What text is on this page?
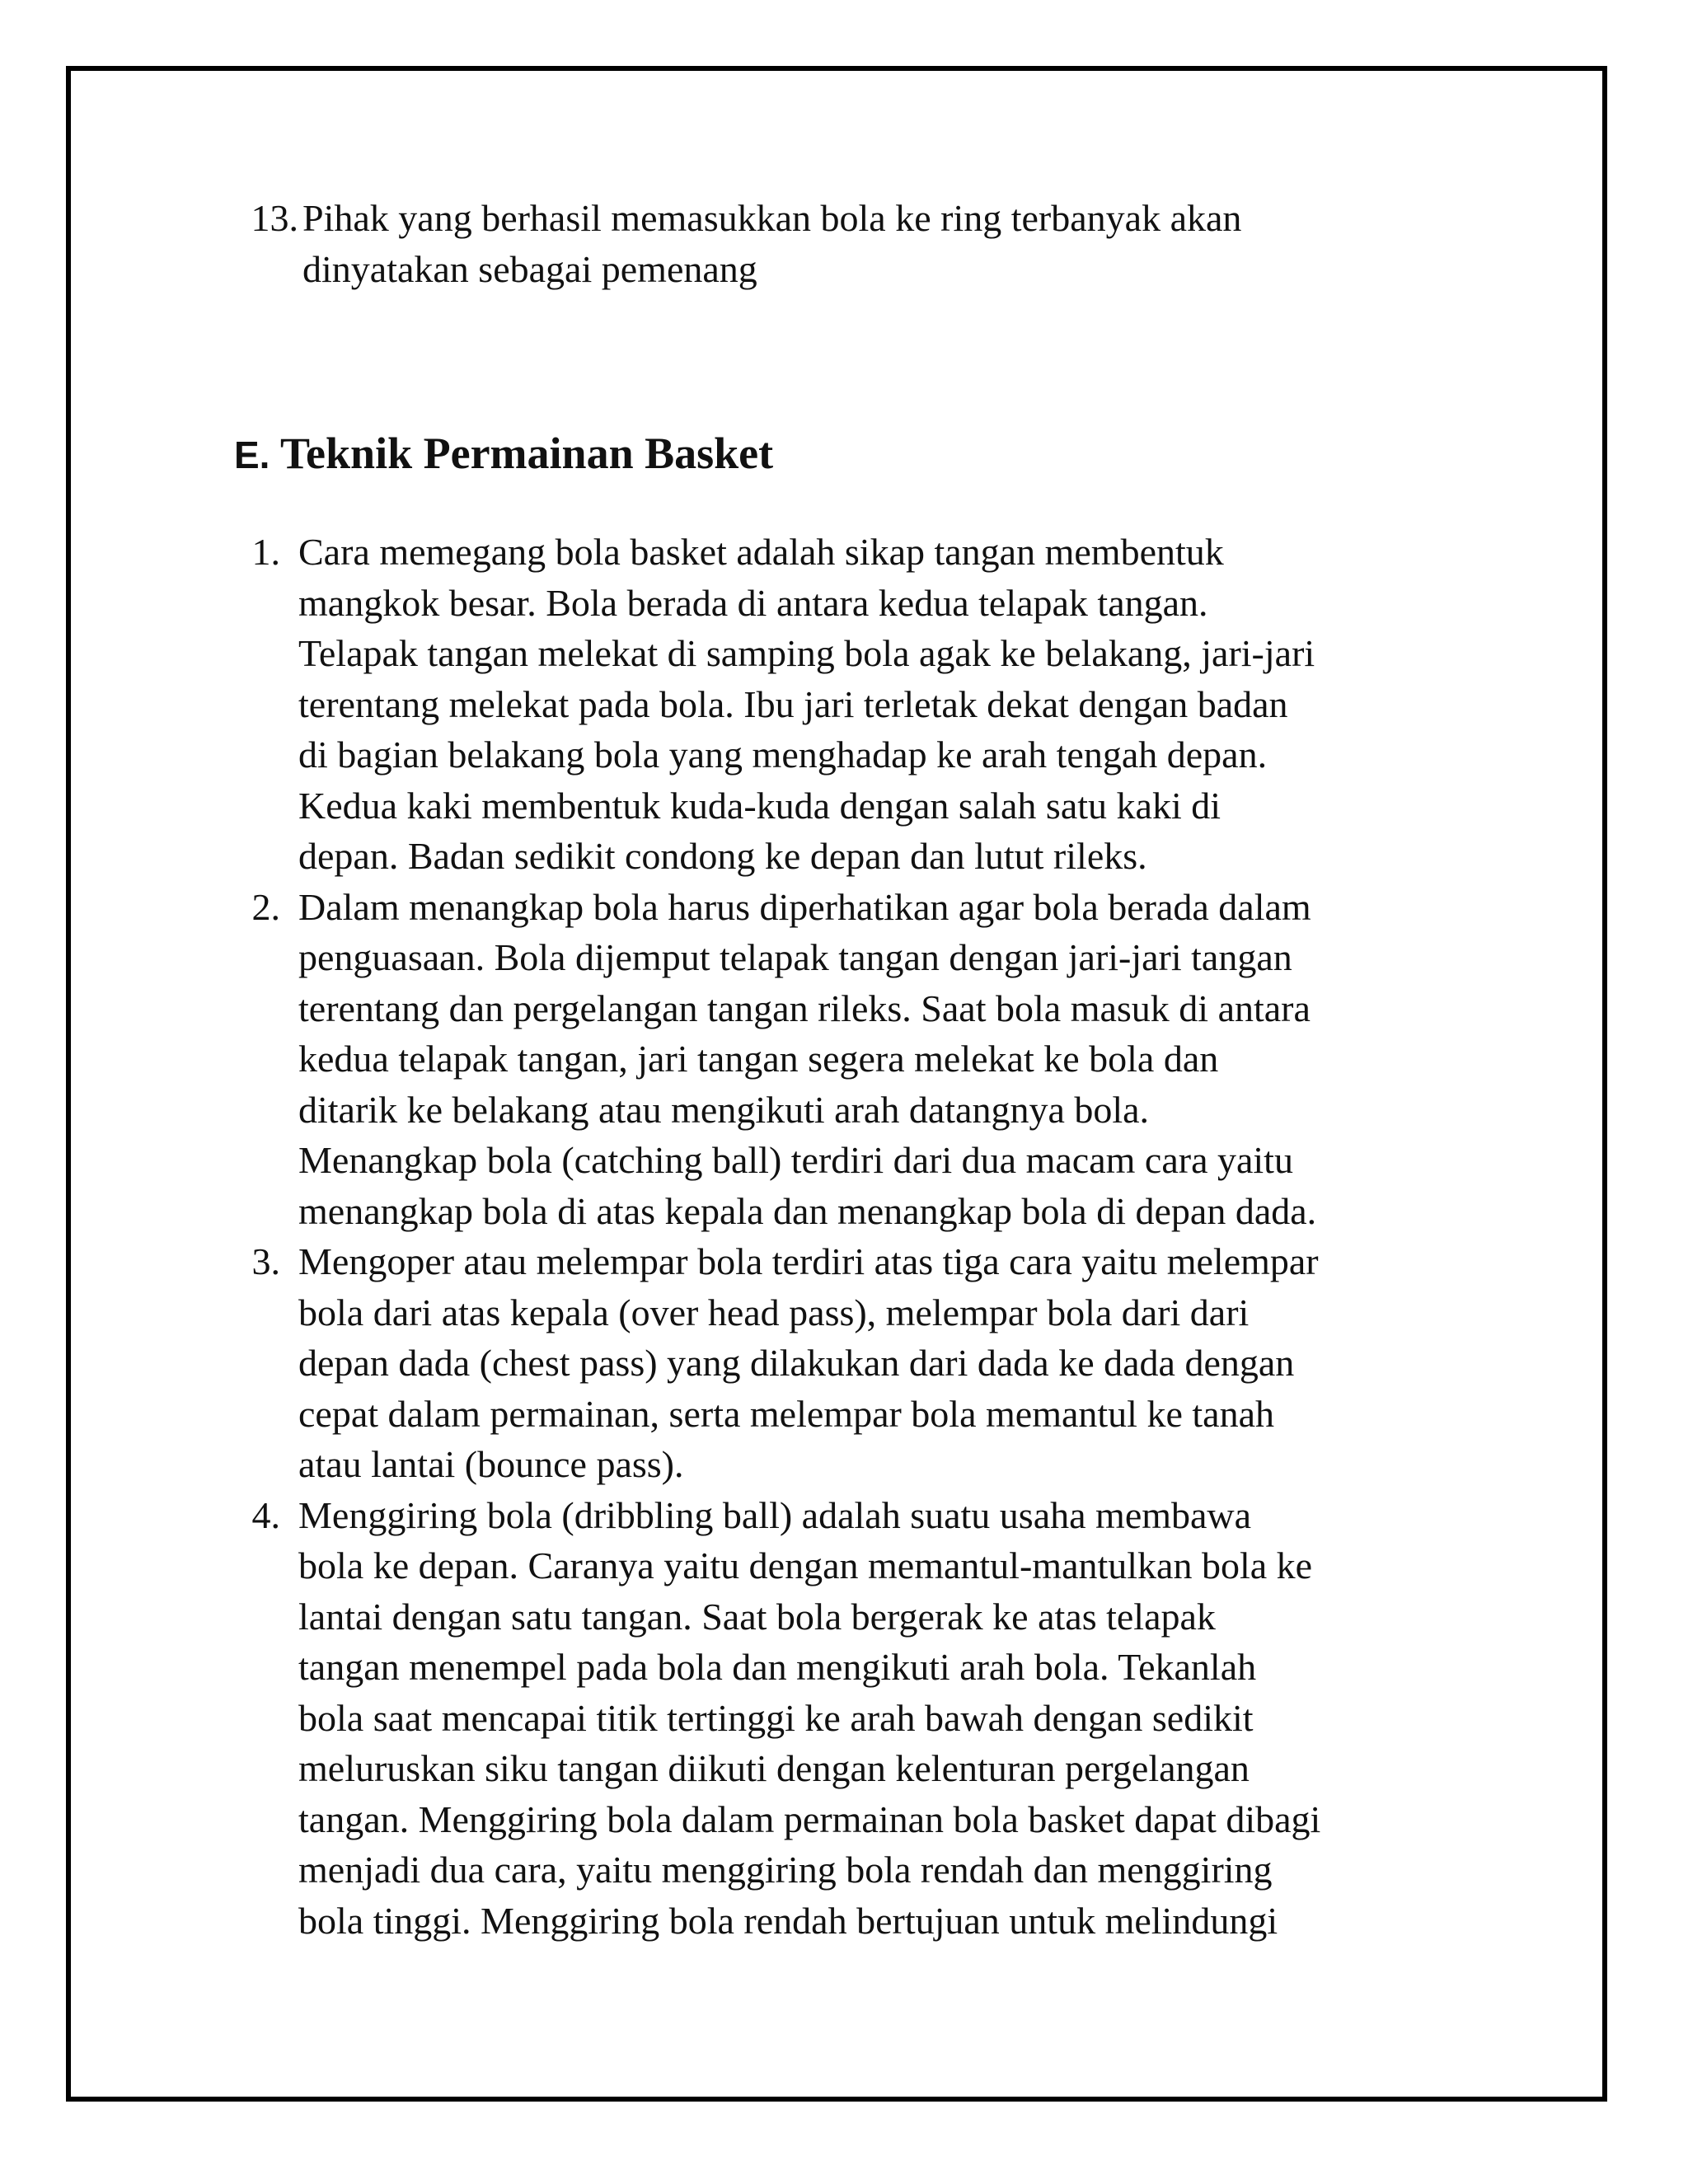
13. Pihak yang berhasil memasukkan bola ke ring terbanyak akan
dinyatakan sebagai pemenang
E. Teknik Permainan Basket
1. Cara memegang bola basket adalah sikap tangan membentuk
mangkok besar. Bola berada di antara kedua telapak tangan.
Telapak tangan melekat di samping bola agak ke belakang, jari-jari
terentang melekat pada bola. Ibu jari terletak dekat dengan badan
di bagian belakang bola yang menghadap ke arah tengah depan.
Kedua kaki membentuk kuda-kuda dengan salah satu kaki di
depan. Badan sedikit condong ke depan dan lutut rileks.
2. Dalam menangkap bola harus diperhatikan agar bola berada dalam
penguasaan. Bola dijemput telapak tangan dengan jari-jari tangan
terentang dan pergelangan tangan rileks. Saat bola masuk di antara
kedua telapak tangan, jari tangan segera melekat ke bola dan
ditarik ke belakang atau mengikuti arah datangnya bola.
Menangkap bola (catching ball) terdiri dari dua macam cara yaitu
menangkap bola di atas kepala dan menangkap bola di depan dada.
3. Mengoper atau melempar bola terdiri atas tiga cara yaitu melempar
bola dari atas kepala (over head pass), melempar bola dari dari
depan dada (chest pass) yang dilakukan dari dada ke dada dengan
cepat dalam permainan, serta melempar bola memantul ke tanah
atau lantai (bounce pass).
4. Menggiring bola (dribbling ball) adalah suatu usaha membawa
bola ke depan. Caranya yaitu dengan memantul-mantulkan bola ke
lantai dengan satu tangan. Saat bola bergerak ke atas telapak
tangan menempel pada bola dan mengikuti arah bola. Tekanlah
bola saat mencapai titik tertinggi ke arah bawah dengan sedikit
meluruskan siku tangan diikuti dengan kelenturan pergelangan
tangan. Menggiring bola dalam permainan bola basket dapat dibagi
menjadi dua cara, yaitu menggiring bola rendah dan menggiring
bola tinggi. Menggiring bola rendah bertujuan untuk melindungi
